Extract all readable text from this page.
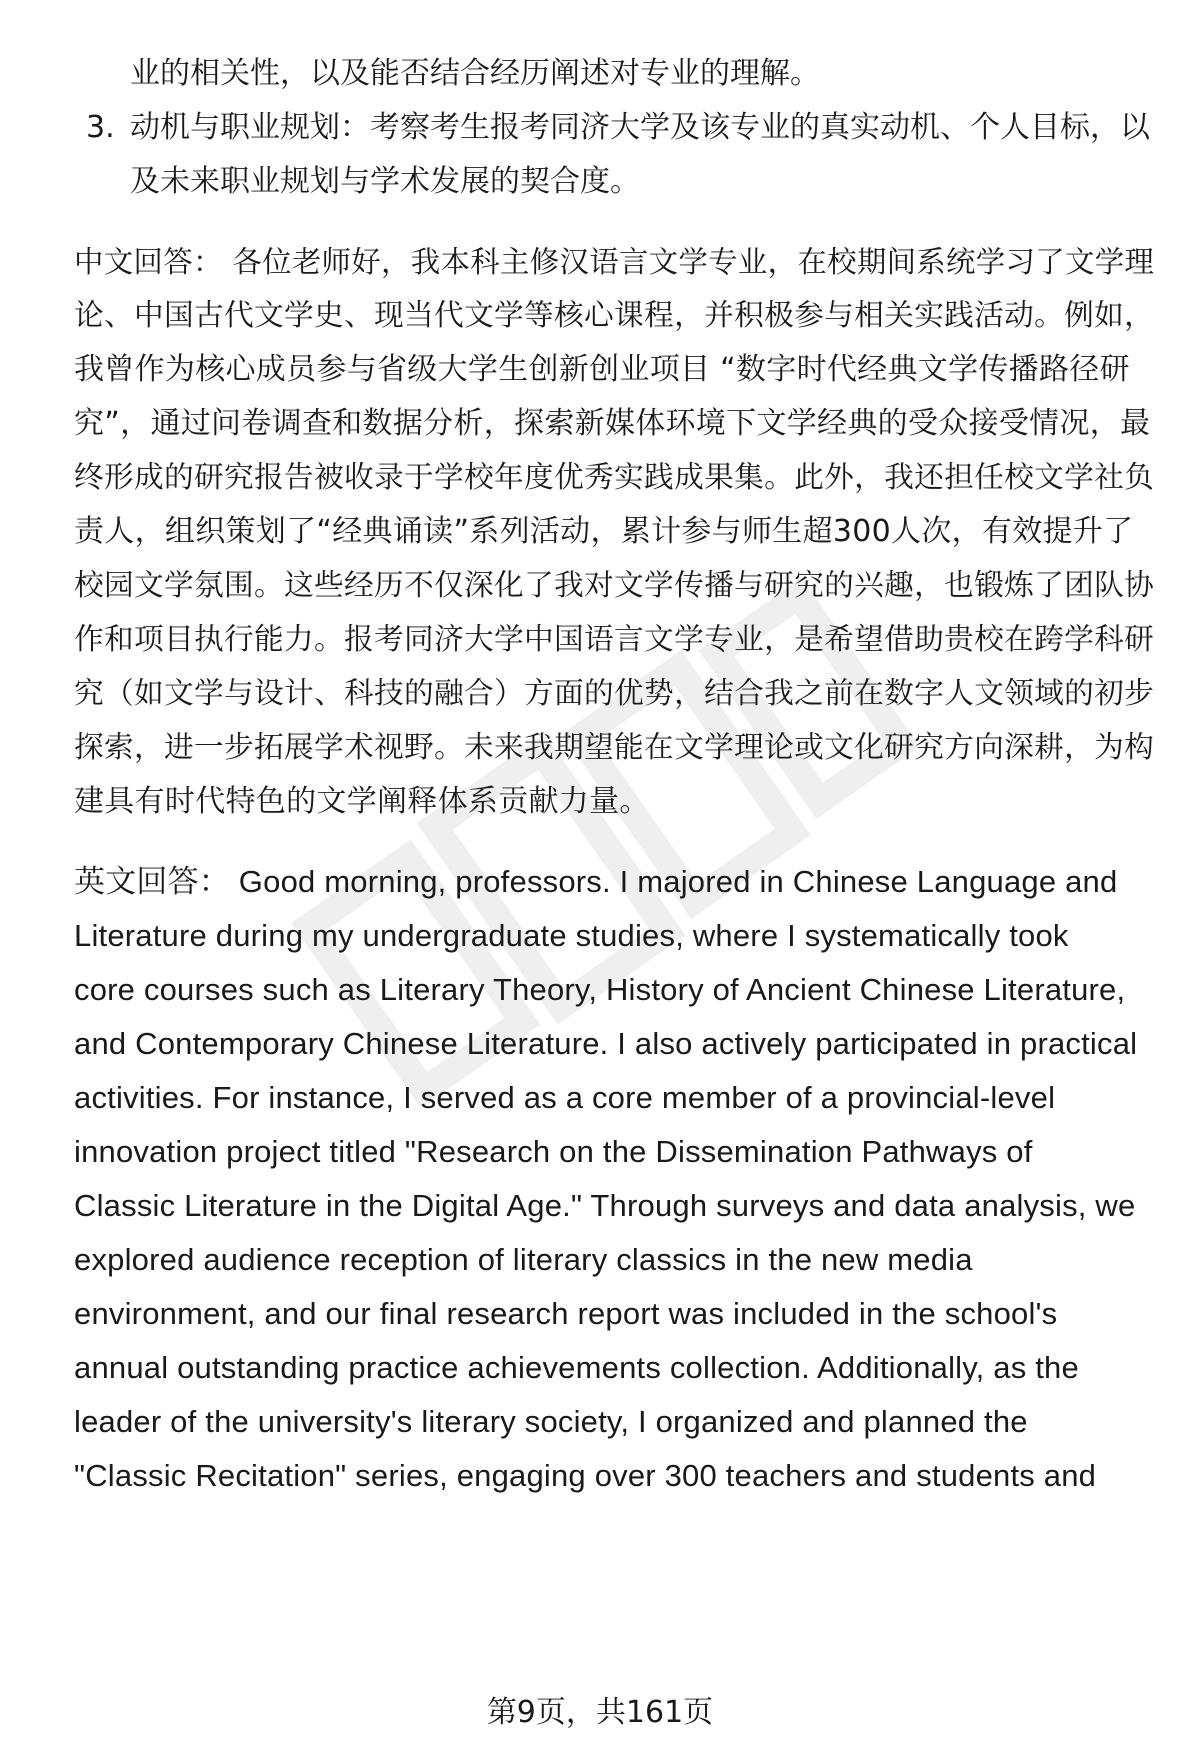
业的相关性，以及能否结合经历阐述对专业的理解。
3. 动机与职业规划：考察考生报考同济大学及该专业的真实动机、个人目标，以
及未来职业规划与学术发展的契合度。
中文回答： 各位老师好，我本科主修汉语言文学专业，在校期间系统学习了文学理
论、中国古代文学史、现当代文学等核心课程，并积极参与相关实践活动。例如，
我曾作为核心成员参与省级大学生创新创业项目 “数字时代经典文学传播路径研
究”，通过问卷调查和数据分析，探索新媒体环境下文学经典的受众接受情况，最
终形成的研究报告被收录于学校年度优秀实践成果集。此外，我还担任校文学社负
责人，组织策划了“经典诵读”系列活动，累计参与师生超300人次，有效提升了
校园文学氛围。这些经历不仅深化了我对文学传播与研究的兴趣，也锻炼了团队协
作和项目执行能力。报考同济大学中国语言文学专业，是希望借助贵校在跨学科研
究（如文学与设计、科技的融合）方面的优势，结合我之前在数字人文领域的初步
探索，进一步拓展学术视野。未来我期望能在文学理论或文化研究方向深耕，为构
建具有时代特色的文学阐释体系贡献力量。
英文回答： Good morning, professors. I majored in Chinese Language and
Literature during my undergraduate studies, where I systematically took
core courses such as Literary Theory, History of Ancient Chinese Literature,
and Contemporary Chinese Literature. I also actively participated in practical
activities. For instance, I served as a core member of a provincial-level
innovation project titled "Research on the Dissemination Pathways of
Classic Literature in the Digital Age." Through surveys and data analysis, we
explored audience reception of literary classics in the new media
environment, and our final research report was included in the school's
annual outstanding practice achievements collection. Additionally, as the
leader of the university's literary society, I organized and planned the
"Classic Recitation" series, engaging over 300 teachers and students and
第9页，共161页
